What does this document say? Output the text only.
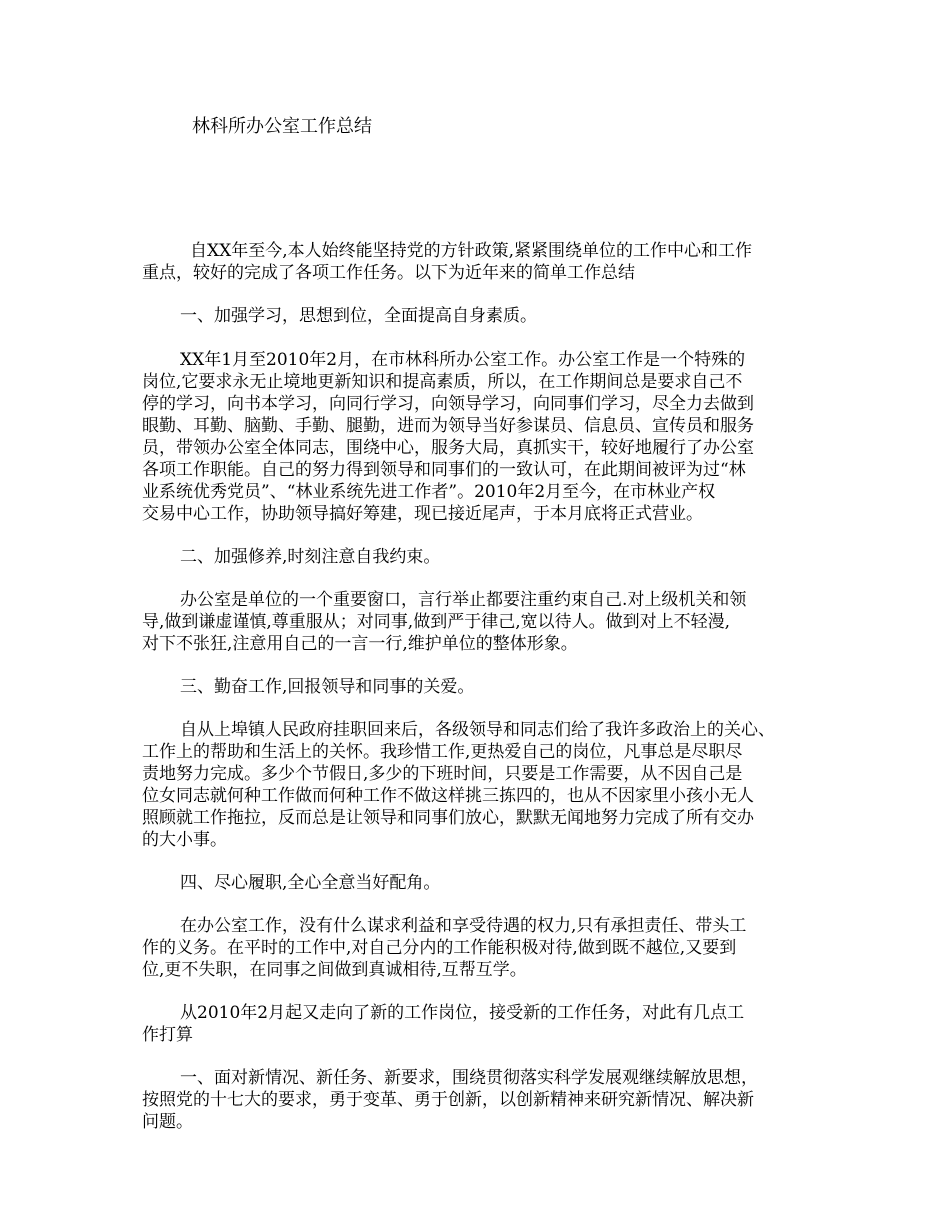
林科所办公室工作总结
自XX年至今,本人始终能坚持党的方针政策,紧紧围绕单位的工作中心和工作
重点，较好的完成了各项工作任务。以下为近年来的简单工作总结
一、加强学习，思想到位，全面提高自身素质。
XX年1月至2010年2月，在市林科所办公室工作。办公室工作是一个特殊的
岗位,它要求永无止境地更新知识和提高素质，所以，在工作期间总是要求自己不
停的学习，向书本学习，向同行学习，向领导学习，向同事们学习，尽全力去做到
眼勤、耳勤、脑勤、手勤、腿勤，进而为领导当好参谋员、信息员、宣传员和服务
员，带领办公室全体同志，围绕中心，服务大局，真抓实干，较好地履行了办公室
各项工作职能。自己的努力得到领导和同事们的一致认可，在此期间被评为过“林
业系统优秀党员”、“林业系统先进工作者”。2010年2月至今，在市林业产权
交易中心工作，协助领导搞好筹建，现已接近尾声，于本月底将正式营业。
二、加强修养,时刻注意自我约束。
办公室是单位的一个重要窗口，言行举止都要注重约束自己.对上级机关和领
导,做到谦虚谨慎,尊重服从；对同事,做到严于律己,宽以待人。做到对上不轻漫,
对下不张狂,注意用自己的一言一行,维护单位的整体形象。
三、勤奋工作,回报领导和同事的关爱。
自从上埠镇人民政府挂职回来后，各级领导和同志们给了我许多政治上的关心、
工作上的帮助和生活上的关怀。我珍惜工作,更热爱自己的岗位，凡事总是尽职尽
责地努力完成。多少个节假日,多少的下班时间，只要是工作需要，从不因自己是
位女同志就何种工作做而何种工作不做这样挑三拣四的，也从不因家里小孩小无人
照顾就工作拖拉，反而总是让领导和同事们放心，默默无闻地努力完成了所有交办
的大小事。
四、尽心履职,全心全意当好配角。
在办公室工作，没有什么谋求利益和享受待遇的权力,只有承担责任、带头工
作的义务。在平时的工作中,对自己分内的工作能积极对待,做到既不越位,又要到
位,更不失职，在同事之间做到真诚相待,互帮互学。
从2010年2月起又走向了新的工作岗位，接受新的工作任务，对此有几点工
作打算
一、面对新情况、新任务、新要求，围绕贯彻落实科学发展观继续解放思想，
按照党的十七大的要求，勇于变革、勇于创新，以创新精神来研究新情况、解决新
问题。
